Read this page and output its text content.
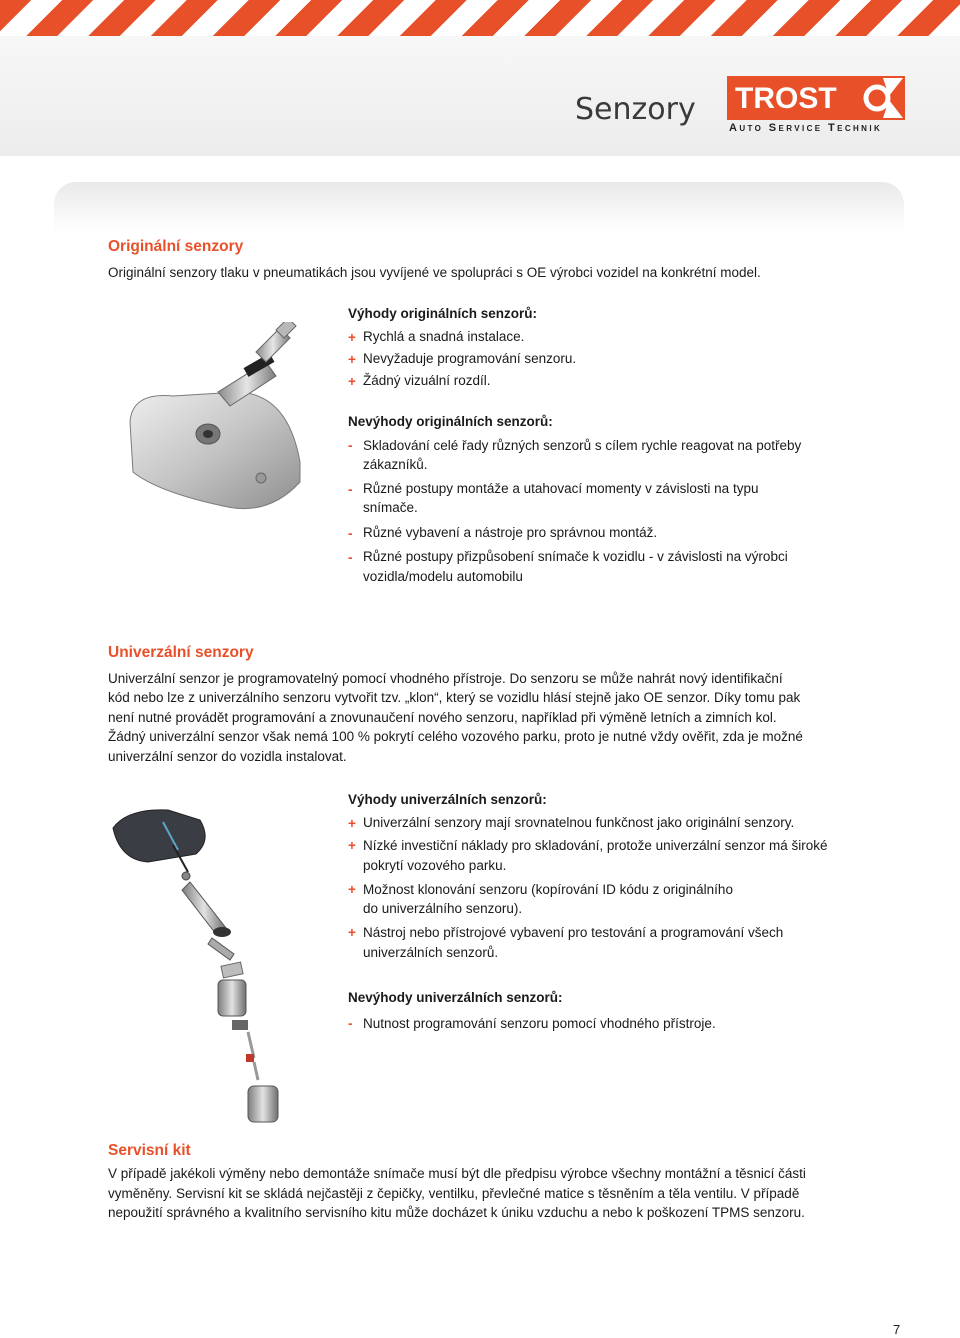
Senzory TROST
Auto Service Technik
Originální senzory

Originální senzory tlaku v pneumatikách jsou vyvíjené ve spolupráci s OE výrobci vozidel na konkrétní model.

Výhody originálních senzorů:

+ Rychlá a snadná instalace.

+ Nevyžaduje programování senzoru.

+ Žádný vizuální rozdíl.

Nevýhody originálních senzorů:

- Skladování celé řady různých senzorů s cílem rychle reagovat na potřeby

zákazníků.

- Různé postupy montáže a utahovací momenty v závislosti na typu

snímače.

- Různé vybavení a nástroje pro správnou montáž.

- Různé postupy přizpůsobení snímače k vozidlu - v závislosti na výrobci

vozidla/modelu automobilu

Univerzální senzory

Univerzální senzor je programovatelný pomocí vhodného přístroje. Do senzoru se může nahrát nový identifikační

kód nebo lze z univerzálního senzoru vytvořit tzv. „klon“, který se vozidlu hlásí stejně jako OE senzor. Díky tomu pak

není nutné provádět programování a znovunaučení nového senzoru, například při výměně letních a zimních kol.

Žádný univerzální senzor však nemá 100 % pokrytí celého vozového parku, proto je nutné vždy ověřit, zda je možné

univerzální senzor do vozidla instalovat.

Výhody univerzálních senzorů:

+ Univerzální senzory mají srovnatelnou funkčnost jako originální senzory.

+ Nízké investiční náklady pro skladování, protože univerzální senzor má široké

pokrytí vozového parku.

+ Možnost klonování senzoru (kopírování ID kódu z originálního

do univerzálního senzoru).

+ Nástroj nebo přístrojové vybavení pro testování a programování všech

univerzálních senzorů.

Nevýhody univerzálních senzorů:

- Nutnost programování senzoru pomocí vhodného přístroje.

Servisní kit

V případě jakékoli výměny nebo demontáže snímače musí být dle předpisu výrobce všechny montážní a těsnicí části

vyměněny. Servisní kit se skládá nejčastěji z čepičky, ventilku, převlečné matice s těsněním a těla ventilu. V případě

nepoužití správného a kvalitního servisního kitu může docházet k úniku vzduchu a nebo k poškození TPMS senzoru.

7
